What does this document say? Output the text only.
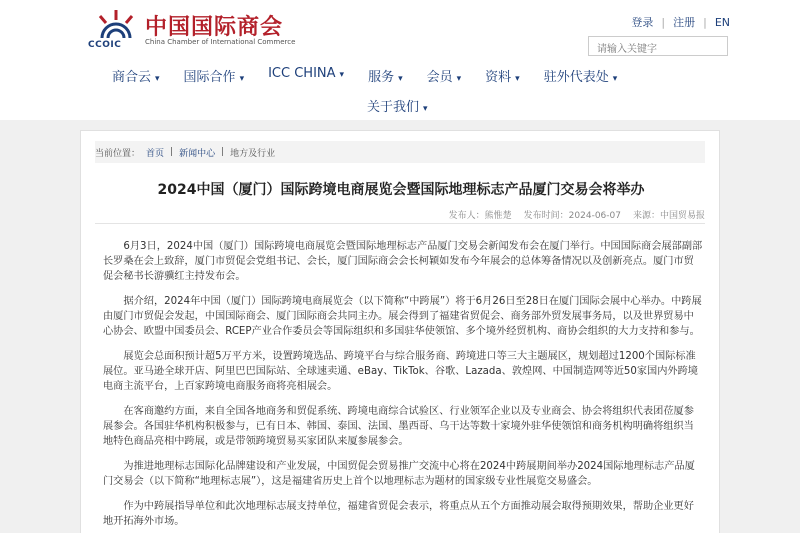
CCOIC
中国国际商会
China Chamber of International Commerce
登录 | 注册 | EN
请输入关键字
商合云 ▾	国际合作 ▾	ICC CHINA ▾	服务 ▾	会员 ▾	资料 ▾	驻外代表处 ▾
关于我们 ▾
当前位置： 首页 | 新闻中心 | 地方及行业
2024中国（厦门）国际跨境电商展览会暨国际地理标志产品厦门交易会将举办
发布人：熊惟楚 发布时间：2024-06-07 来源：中国贸易报

6月3日，2024中国（厦门）国际跨境电商展览会暨国际地理标志产品厦门交易会新闻发布会在厦门举行。中国国际商会展部副部长罗桑在会上致辞，厦门市贸促会党组书记、会长，厦门国际商会会长柯颖如发布今年展会的总体筹备情况以及创新亮点。厦门市贸促会秘书长游骥红主持发布会。

据介绍，2024年中国（厦门）国际跨境电商展览会（以下简称“中跨展”）将于6月26日至28日在厦门国际会展中心举办。中跨展由厦门市贸促会发起，中国国际商会、厦门国际商会共同主办。展会得到了福建省贸促会、商务部外贸发展事务局，以及世界贸易中心协会、欧盟中国委员会、RCEP产业合作委员会等国际组织和多国驻华使领馆、多个境外经贸机构、商协会组织的大力支持和参与。

展览会总面积预计超5万平方米，设置跨境选品、跨境平台与综合服务商、跨境进口等三大主题展区，规划超过1200个国际标准展位。亚马逊全球开店、阿里巴巴国际站、全球速卖通、eBay、TikTok、谷歌、Lazada、敦煌网、中国制造网等近50家国内外跨境电商主流平台，上百家跨境电商服务商将亮相展会。

在客商邀约方面，来自全国各地商务和贸促系统、跨境电商综合试验区、行业领军企业以及专业商会、协会将组织代表团莅厦参展参会。各国驻华机构积极参与，已有日本、韩国、泰国、法国、墨西哥、乌干达等数十家境外驻华使领馆和商务机构明确将组织当地特色商品亮相中跨展，或是带领跨境贸易买家团队来厦参展参会。

为推进地理标志国际化品牌建设和产业发展，中国贸促会贸易推广交流中心将在2024中跨展期间举办2024国际地理标志产品厦门交易会（以下简称“地理标志展”），这是福建省历史上首个以地理标志为题材的国家级专业性展览交易盛会。

作为中跨展指导单位和此次地理标志展支持单位，福建省贸促会表示，将重点从五个方面推动展会取得预期效果，帮助企业更好地开拓海外市场。
